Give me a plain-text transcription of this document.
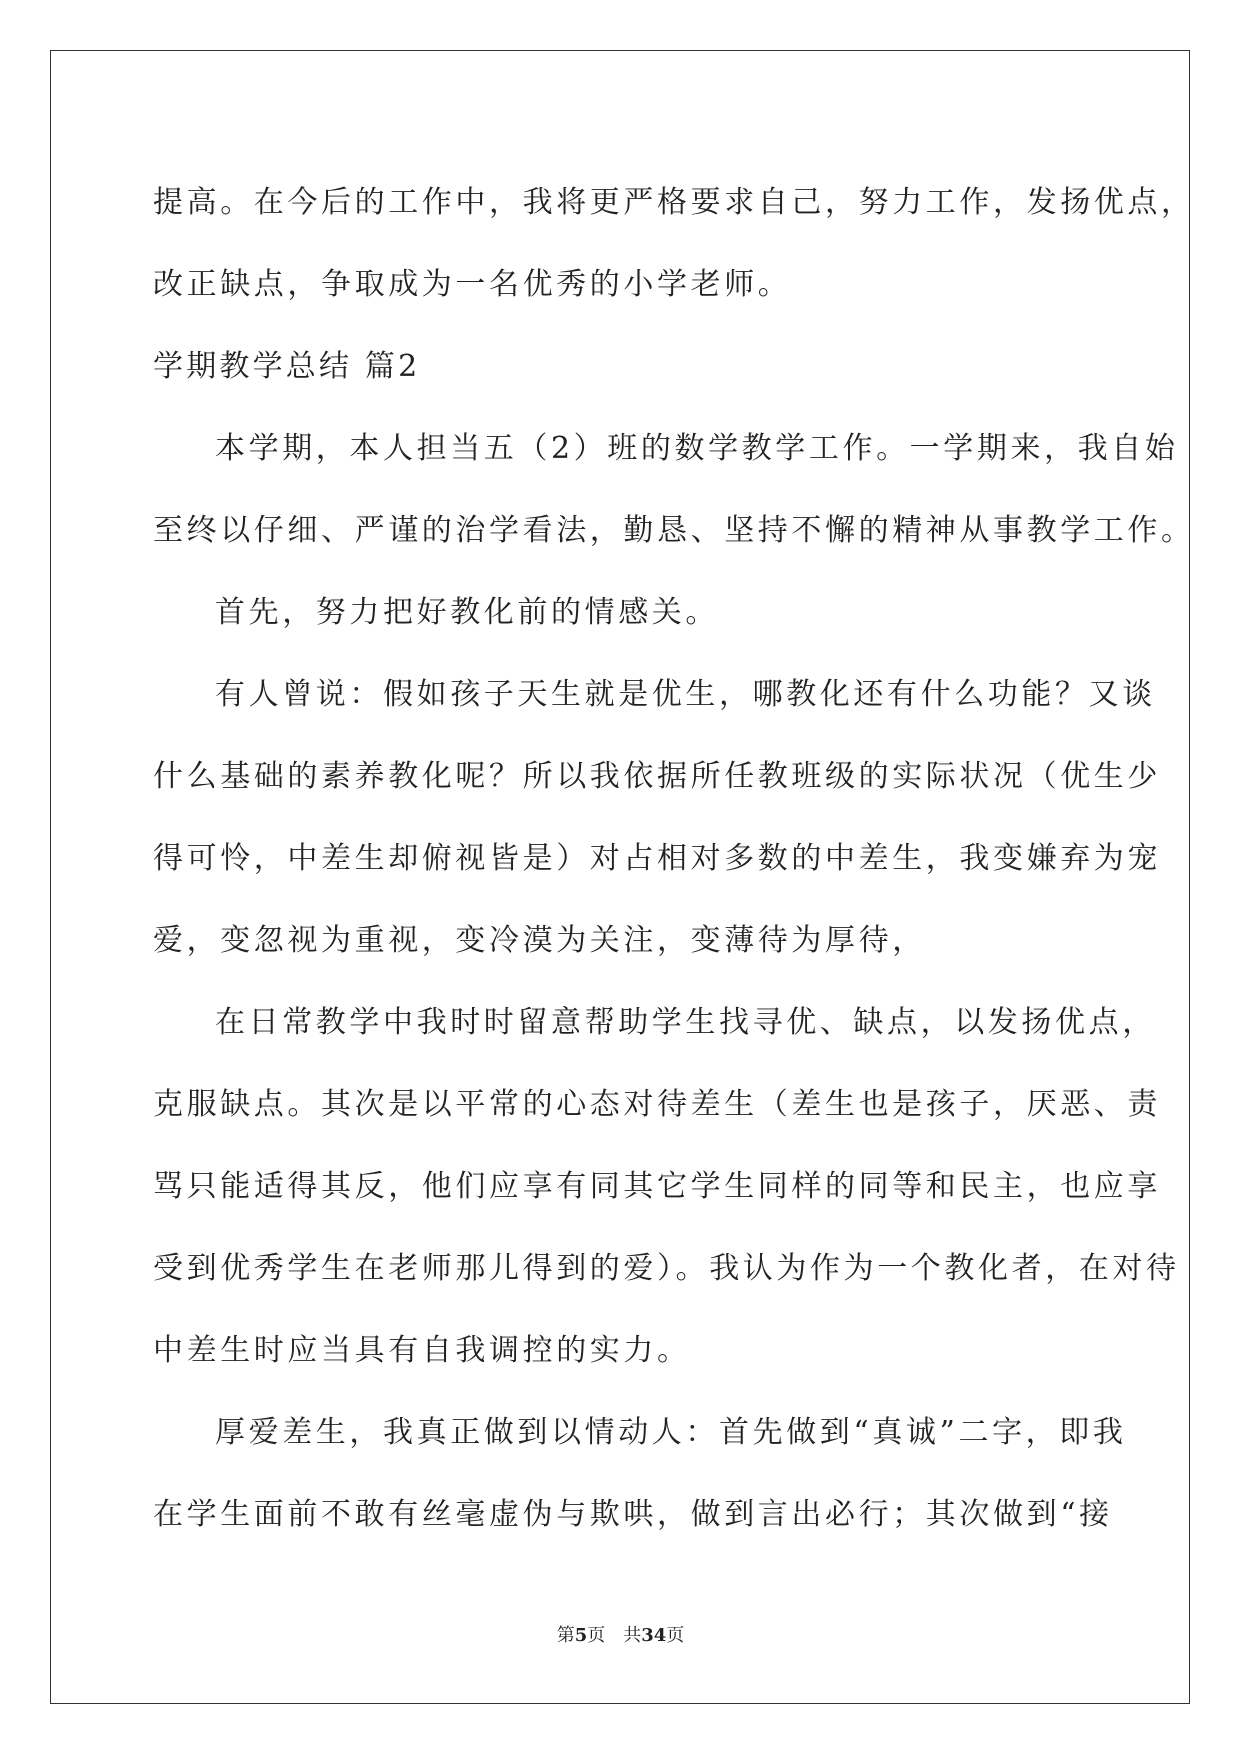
提高。在今后的工作中，我将更严格要求自己，努力工作，发扬优点，
改正缺点，争取成为一名优秀的小学老师。
学期教学总结 篇2
本学期，本人担当五（2）班的数学教学工作。一学期来，我自始
至终以仔细、严谨的治学看法，勤恳、坚持不懈的精神从事教学工作。
首先，努力把好教化前的情感关。
有人曾说：假如孩子天生就是优生，哪教化还有什么功能？又谈
什么基础的素养教化呢？所以我依据所任教班级的实际状况（优生少
得可怜，中差生却俯视皆是）对占相对多数的中差生，我变嫌弃为宠
爱，变忽视为重视，变冷漠为关注，变薄待为厚待，
在日常教学中我时时留意帮助学生找寻优、缺点，以发扬优点，
克服缺点。其次是以平常的心态对待差生（差生也是孩子，厌恶、责
骂只能适得其反，他们应享有同其它学生同样的同等和民主，也应享
受到优秀学生在老师那儿得到的爱）。我认为作为一个教化者，在对待
中差生时应当具有自我调控的实力。
厚爱差生，我真正做到以情动人：首先做到“真诚”二字，即我
在学生面前不敢有丝毫虚伪与欺哄，做到言出必行；其次做到“接
第5页　共34页
